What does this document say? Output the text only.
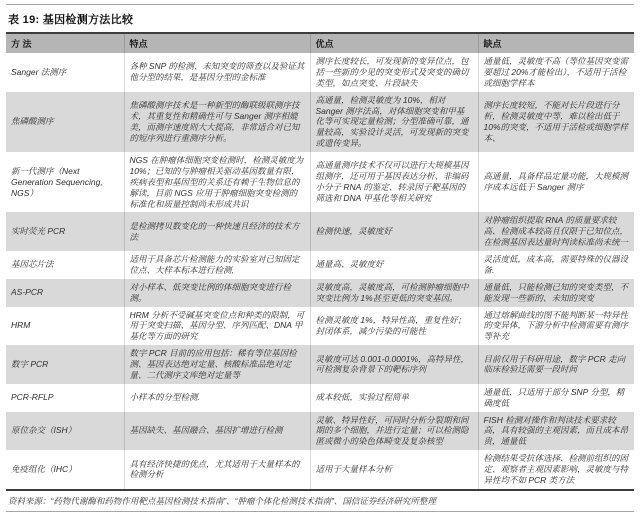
表 19: 基因检测方法比较
方 法	特点	优点	缺点
Sanger 法测序	各种 SNP 的检测、未知突变的筛查以及验证其他分型的结果，是基因分型的金标准	测序长度较长，可发现新的变异位点，包括一些新的少见的突变形式及突变的确切类型，如点突变、片段缺失	通量低，灵敏度不高（等位基因突变需要超过 20%才能检出），不适用于活检或细胞学样本
焦磷酸测序	焦磷酸测序技术是一种新型的酶联级联测序技术，其重复性和精确性可与 Sanger 测序相媲美，而测序速度则大大提高，非常适合对已知的短序列进行重测序分析。	高通量，检测灵敏度为 10%，相对 Sanger 测序法高，对体细胞突变和甲基化等可实现定量检测；分型准确可靠，通量较高，实验设计灵活，可发现新的突变或遗传变异。	测序长度较短，不能对长片段进行分析，检测灵敏度中等，难以检出低于 10%的突变，不适用于活检或细胞学样本、
新一代测序（Next Generation Sequencing, NGS）	NGS 在肿瘤体细胞突变检测时，检测灵敏度为 10%；已知的与肿瘤相关驱动基因数量有限，疾病表型和基因型的关系还有赖于生物信息的解读，目前 NGS 应用于肿瘤细胞突变检测的标准化和质量控制尚未形成共识	高通量测序技术不仅可以进行大规模基因组测序，还可用于基因表达分析、非编码小分子 RNA 的鉴定、转录因子靶基因的筛选和 DNA 甲基化等相关研究	高通量，具备样品定量功能，大规模测序成本远低于 Sanger 测序
实时荧光 PCR	是检测拷贝数变化的一种快速且经济的技术方法	检测快速，灵敏度好	对肿瘤组织提取 RNA 的质量要求较高、检测成本较高且仅限于已知位点，在检测基因表达量时判读标准尚未统一
基因芯片法	适用于具备芯片检测能力的实验室对已知固定位点、大样本标本进行检测,	通量高、灵敏度好	灵活度低，成本高，需要特殊的仪器设备.
AS-PCR	对小样本、低突变比例的体细胞突变进行检测。	灵敏度高，灵敏度高，可检测肿瘤细胞中突变比例为 1%甚至更低的突变基因。	通量低，只能检测已知的突变类型，不能发现一些新的、未知的突变
HRM	HRM 分析不受碱基突变位点和种类的限制，可用于突变扫描、基因分型、序列匹配、DNA 甲基化等方面的研究	检测灵敏度 1%，特异性高，重复性好；封闭体系，减少污染的可能性	通过熔解曲线的图不能判断某一特异性的变异体，下游分析中检测需要有测序等补充
数字 PCR	数字 PCR 目前的应用包括：稀有等位基因检测、基因表达绝对定量、核酸标准品绝对定量、二代测序文库绝对定量等	灵敏度可达 0.001-0.0001%，高特异性，可检测复杂背景下的靶标序列	目前仅用于科研用途，数字 PCR 走向临床检验还需要一段时间
PCR-RFLP	小样本的分型检测.	成本较低，实验过程简单	通量低，只适用于部分 SNP 分型，精确度低
原位杂交（ISH）	基因缺失、基因融合、基因扩增进行检测	灵敏、特异性好，可同时分析分裂期和间期的多个细胞，并进行定量；可以检测隐匿或微小的染色体畸变及复杂核型	FISH 检测对操作和判读技术要求较高，具有较强的主观因素，而且成本昂贵，通量低
免疫组化（IHC）	具有经济快捷的优点，尤其适用于大量样本的检测分析	适用于大量样本分析	检测结果受抗体选择、检测前组织的固定、观察者主观因素影响，灵敏度与特异性均不如 PCR 类方法
资料来源：“药物代谢酶和药物作用靶点基因检测技术指南”、“肿瘤个体化检测技术指南”、国信证券经济研究所整理
